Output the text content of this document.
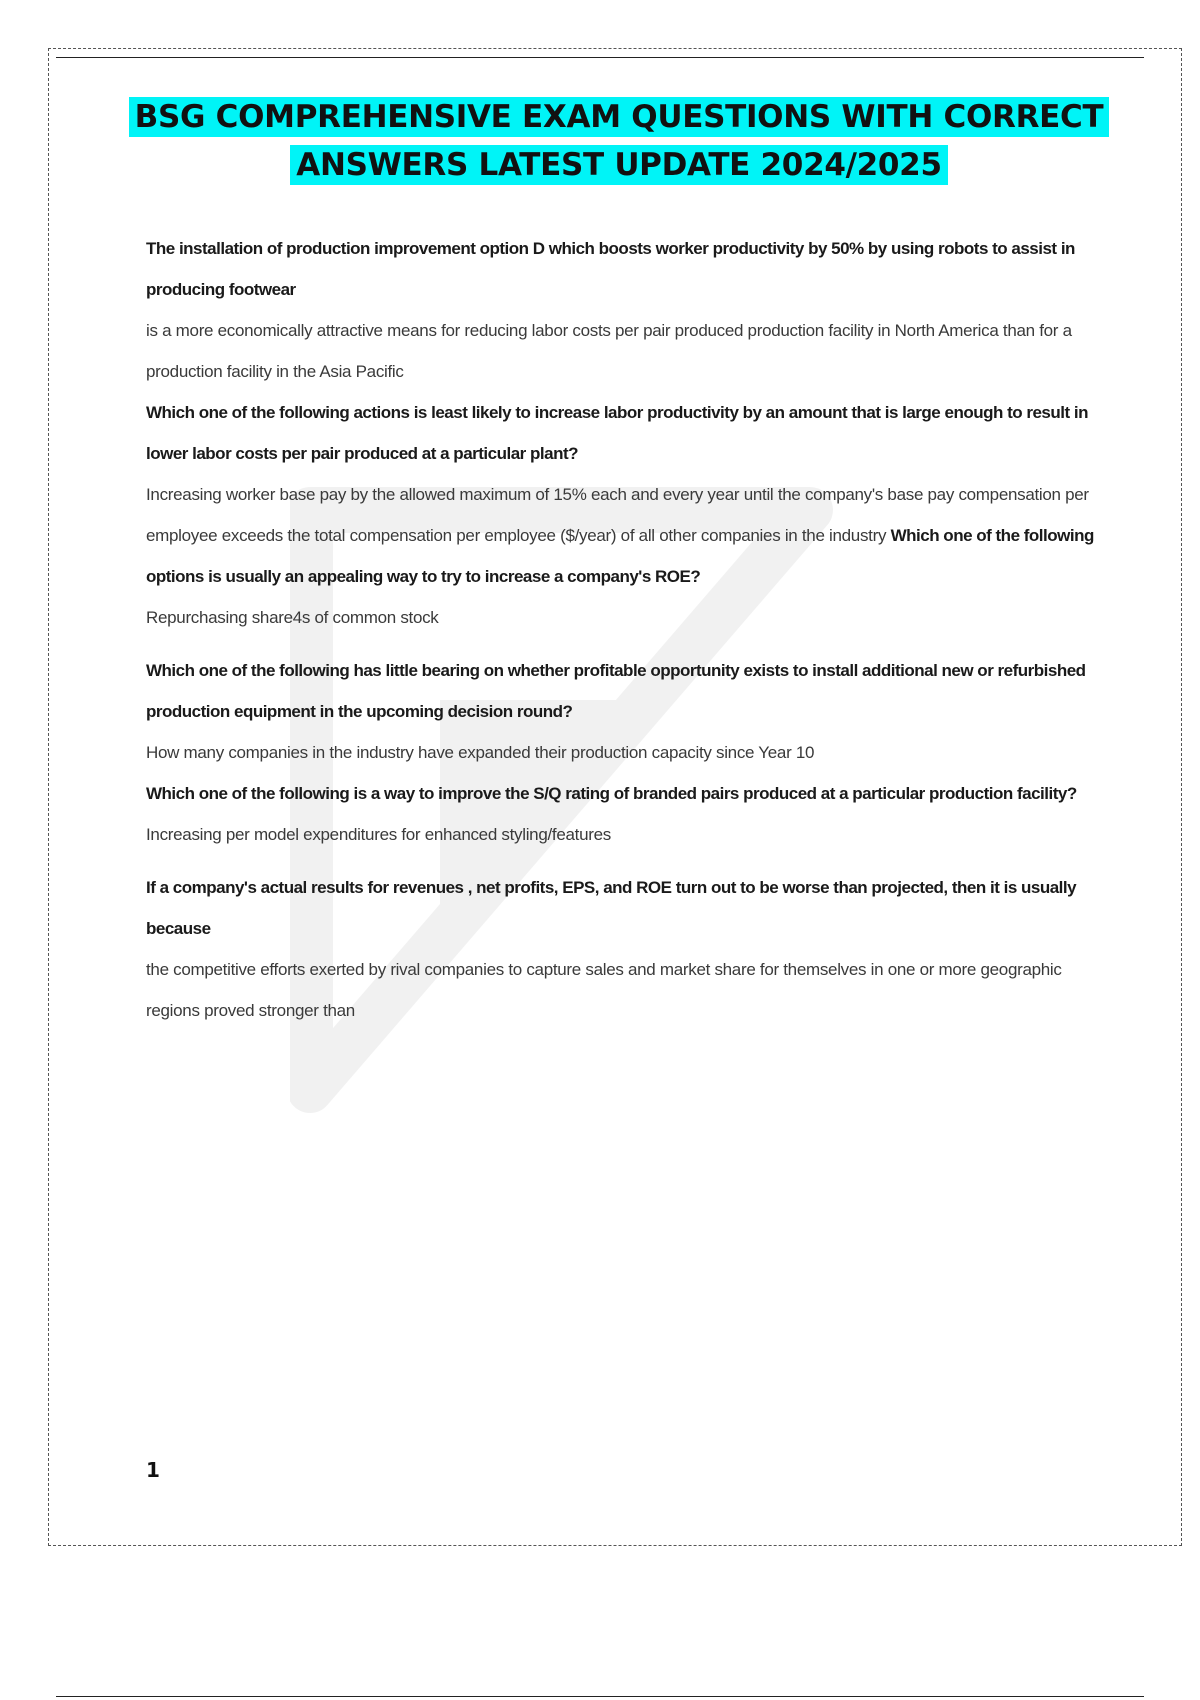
BSG COMPREHENSIVE EXAM QUESTIONS WITH CORRECT
ANSWERS LATEST UPDATE 2024/2025

The installation of production improvement option D which boosts worker productivity by 50% by using robots to assist in producing footwear

is a more economically attractive means for reducing labor costs per pair produced production facility in North America than for a production facility in the Asia Pacific

Which one of the following actions is least likely to increase labor productivity by an amount that is large enough to result in lower labor costs per pair produced at a particular plant?

Increasing worker base pay by the allowed maximum of 15% each and every year until the company's base pay compensation per employee exceeds the total compensation per employee ($/year) of all other companies in the industry Which one of the following options is usually an appealing way to try to increase a company's ROE?

Repurchasing share4s of common stock

Which one of the following has little bearing on whether profitable opportunity exists to install additional new or refurbished production equipment in the upcoming decision round?

How many companies in the industry have expanded their production capacity since Year 10

Which one of the following is a way to improve the S/Q rating of branded pairs produced at a particular production facility?

Increasing per model expenditures for enhanced styling/features

If a company's actual results for revenues , net profits, EPS, and ROE turn out to be worse than projected, then it is usually because

the competitive efforts exerted by rival companies to capture sales and market share for themselves in one or more geographic regions proved stronger than

1
